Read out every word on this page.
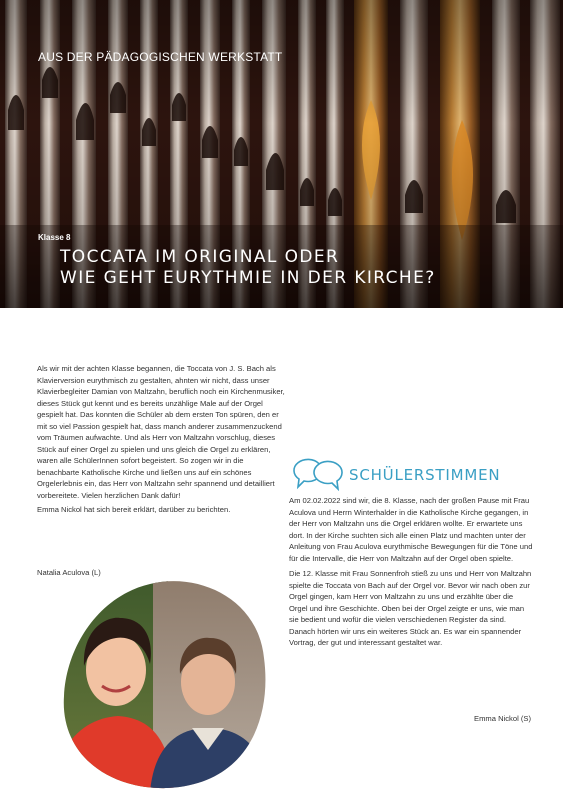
AUS DER PÄDAGOGISCHEN WERKSTATT
Klasse 8
TOCCATA IM ORIGINAL ODER
WIE GEHT EURYTHMIE IN DER KIRCHE?

Als wir mit der achten Klasse begannen, die Toccata von J. S. Bach als Klavierversion eurythmisch zu gestalten, ahnten wir nicht, dass unser Klavierbegleiter Damian von Maltzahn, beruflich noch ein Kirchenmusiker, dieses Stück gut kennt und es bereits unzählige Male auf der Orgel gespielt hat. Das konnten die Schüler ab dem ersten Ton spüren, den er mit so viel Passion gespielt hat, dass manch anderer zusammenzuckend vom Träumen aufwachte. Und als Herr von Maltzahn vorschlug, dieses Stück auf einer Orgel zu spielen und uns gleich die Orgel zu erklären, waren alle SchülerInnen sofort begeistert. So zogen wir in die benachbarte Katholische Kirche und ließen uns auf ein schönes Orgelerlebnis ein, das Herr von Maltzahn sehr spannend und detailliert vorbereitete. Vielen herzlichen Dank dafür!

Emma Nickol hat sich bereit erklärt, darüber zu berichten.

Natalia Aculova (L)
SCHÜLERSTIMMEN

Am 02.02.2022 sind wir, die 8. Klasse, nach der großen Pause mit Frau Aculova und Herrn Winterhalder in die Katholische Kirche gegangen, in der Herr von Maltzahn uns die Orgel erklären wollte. Er erwartete uns dort. In der Kirche suchten sich alle einen Platz und machten unter der Anleitung von Frau Aculova eurythmische Bewegungen für die Töne und für die Intervalle, die Herr von Maltzahn auf der Orgel oben spielte.

Die 12. Klasse mit Frau Sonnenfroh stieß zu uns und Herr von Maltzahn spielte die Toccata von Bach auf der Orgel vor. Bevor wir nach oben zur Orgel gingen, kam Herr von Maltzahn zu uns und erzählte über die Orgel und ihre Geschichte. Oben bei der Orgel zeigte er uns, wie man sie bedient und wofür die vielen verschiedenen Register da sind. Danach hörten wir uns ein weiteres Stück an. Es war ein spannender Vortrag, der gut und interessant gestaltet war.

Emma Nickol (S)
